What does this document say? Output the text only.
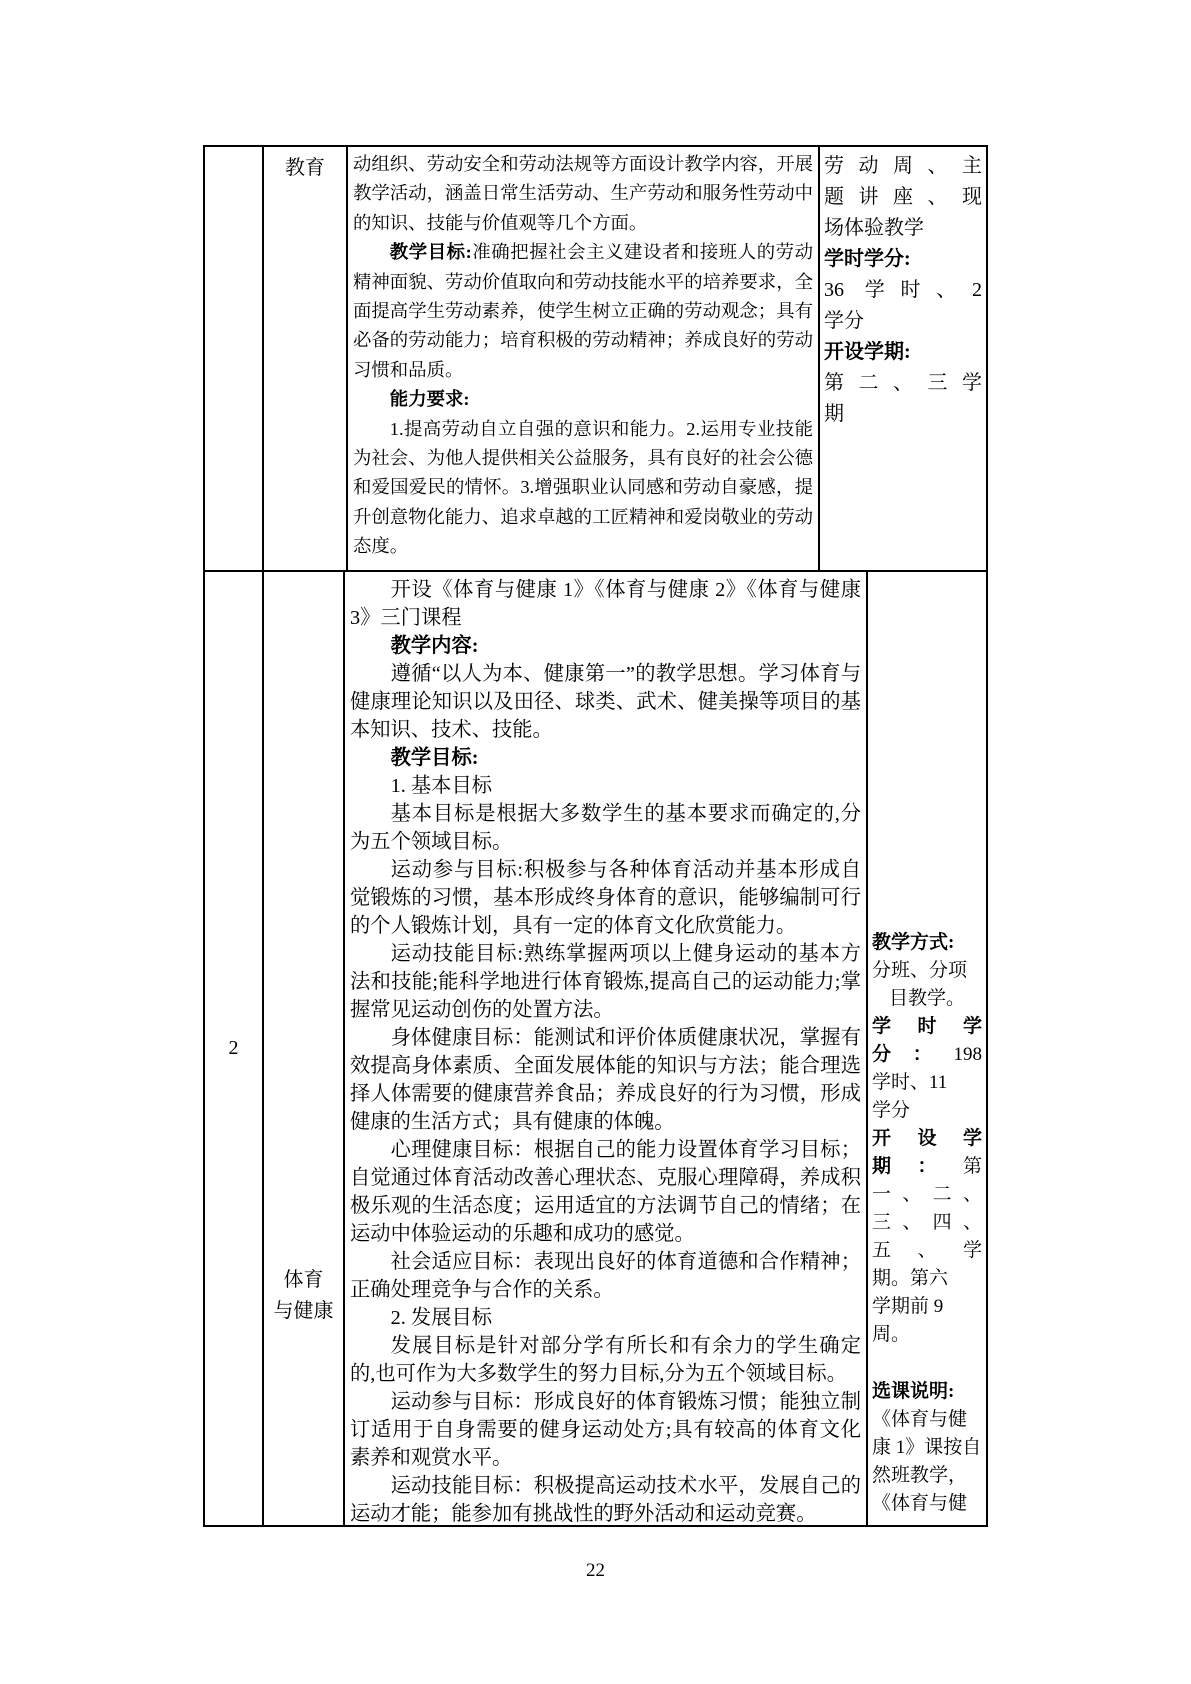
教育	动组织、劳动安全和劳动法规等方面设计教学内容，开展教学活动，涵盖日常生活劳动、生产劳动和服务性劳动中的知识、技能与价值观等几个方面。
教学目标:准确把握社会主义建设者和接班人的劳动精神面貌、劳动价值取向和劳动技能水平的培养要求，全面提高学生劳动素养，使学生树立正确的劳动观念；具有必备的劳动能力；培育积极的劳动精神；养成良好的劳动习惯和品质。
能力要求:
1.提高劳动自立自强的意识和能力。2.运用专业技能为社会、为他人提供相关公益服务，具有良好的社会公德和爱国爱民的情怀。3.增强职业认同感和劳动自豪感，提升创意物化能力、追求卓越的工匠精神和爱岗敬业的劳动态度。
劳动周、主
题讲座、现
场体验教学
学时学分:
36 学时、2
学分
开设学期:
第二、三学
期
2
体育
与健康
开设《体育与健康 1》《体育与健康 2》《体育与健康 3》三门课程
教学内容:
遵循“以人为本、健康第一”的教学思想。学习体育与健康理论知识以及田径、球类、武术、健美操等项目的基本知识、技术、技能。
教学目标:
1. 基本目标
基本目标是根据大多数学生的基本要求而确定的,分为五个领域目标。
运动参与目标:积极参与各种体育活动并基本形成自觉锻炼的习惯，基本形成终身体育的意识，能够编制可行的个人锻炼计划，具有一定的体育文化欣赏能力。
运动技能目标:熟练掌握两项以上健身运动的基本方法和技能;能科学地进行体育锻炼,提高自己的运动能力;掌握常见运动创伤的处置方法。
身体健康目标：能测试和评价体质健康状况，掌握有效提高身体素质、全面发展体能的知识与方法；能合理选择人体需要的健康营养食品；养成良好的行为习惯，形成健康的生活方式；具有健康的体魄。
心理健康目标：根据自己的能力设置体育学习目标；自觉通过体育活动改善心理状态、克服心理障碍，养成积极乐观的生活态度；运用适宜的方法调节自己的情绪；在运动中体验运动的乐趣和成功的感觉。
社会适应目标：表现出良好的体育道德和合作精神；正确处理竞争与合作的关系。
2. 发展目标
发展目标是针对部分学有所长和有余力的学生确定的,也可作为大多数学生的努力目标,分为五个领域目标。
运动参与目标：形成良好的体育锻炼习惯；能独立制订适用于自身需要的健身运动处方;具有较高的体育文化素养和观赏水平。
运动技能目标：积极提高运动技术水平，发展自己的运动才能；能参加有挑战性的野外活动和运动竞赛。
教学方式:
分班、分项
目教学。
学时学
分：198
学时、11
学分
开设学
期：第
一、二、
三、四、
五、学
期。第六
学期前 9
周。
选课说明:
《体育与健
康 1》课按自
然班教学，
《体育与健
22
